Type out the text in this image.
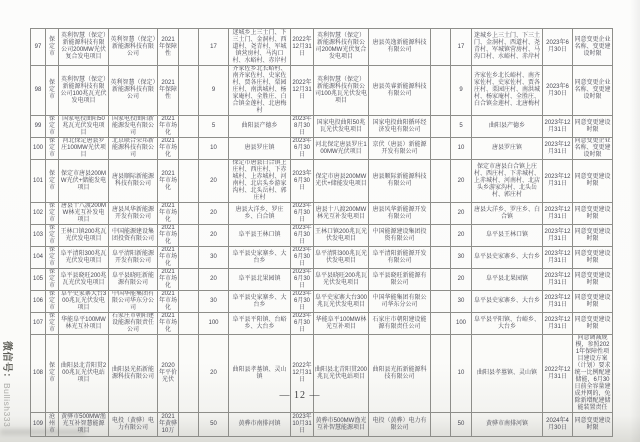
97	保定市	英利智慧（保定）新能源科技有限公司200MW光伏复合发电项目	英利智慧（保定）新能源科技有限公司	2021年保障性		17	迷城乡上三土门、下三土门、金洞村、西道村、尧青村、军城镇营房村、马沟口村、水峪村、赤岸村	2022年12月31日	英利智慧（保定）新能源科技有限公司200MW光伏复合发电项目	唐县英逸新能源科技有限公司		17	迷城乡上三土门、下三土门、金洞村、西道村、尧青村、军城镇营房村、马沟口村、水峪村、赤岸村	2023年6月30日	同意变更企业名称、变更建设时限
98	保定市	英利智慧（保定）新能源科技有限公司100兆瓦光伏发电项目	英利智慧（保定）新能源科技有限公司	2021年保障性		9	齐家佐乡北长峪村、南齐家佐村、史家佐村、贾各庄村、栗园庄村、南洪城村、杨家庵村、全胜庄、白合镇金莲村、北唐梅村	2022年12月31日	英利智慧（保定）新能源科技有限公司100兆瓦光伏发电项目	唐县英睿新能源科技有限公司		9	齐家佐乡北长峪村、南齐家佐村、史家佐村、贾各庄村、栗园庄村、南洪城村、杨家庵村、全胜庄、白合镇金莲村、北唐梅村	2023年6月30日	同意变更企业名称、变更建设时限
99	保定市	国家电投曲阳50兆瓦光伏发电项目	国家电投曲阳新能源发电有限公司	2021年市场化		5	曲阳县产德乡	2023年8月30日	国家电投曲阳50兆瓦光伏发电项目	国家电投曲阳循环经济发电有限公司		5	曲阳县产德乡	2023年12月31日	同意变更建设时限
100	保定市	河北保定唐县罗庄100MW光伏项目	北京联合荣邦新能源科技有限公司	2021年市场化		10	唐县罗庄镇	2023年6月30日	河北保定唐县罗庄100MW光伏项目	京伏（唐县）新能源开发有限公司		10	唐县罗庄镇	2023年12月31日	同意变更企业名称、变更建设时限
101	保定市	保定市唐县200MW光伏+储能发电项目	唐县顺际新能源科技有限公司	2021年市场化		20	保定市唐县白合镇上庄村、西庄村、下赤城村、上赤城村、河南村、北店头乡游家沟村、北头岳村、郭庄村	2023年6月30日	保定市唐县200MW光伏+储能发电项目	唐县顺际新能源科技有限公司		20	保定市唐县白合镇上庄村、西庄村、下赤城村、上赤城村、河南村、北店头乡游家沟村、北头岳村、郭庄村	2023年12月31日	同意变更建设时限
102	保定市	唐县十八渡200MW林光互补发电项目	唐县风华新能源开发有限公司	2021年市场化		20	唐县大洋乡、罗庄乡、白合镇	2023年6月30日	唐县十八渡200MW林光互补发电项目	唐县风华新能源开发有限公司		20	唐县大洋乡、罗庄乡、白合镇	2023年12月31日	同意变更建设时限
103	保定市	王林口镇200兆瓦光伏发电项目	中国能源建设集团投资有限公司	2021年市场化		20	阜平县王林口镇	2023年6月30日	王林口镇200兆瓦光伏发电项目	中国能源建设集团投资有限公司		20	阜平县王林口镇	2023年12月31日	同意变更建设时限
104	保定市	阜平清阳300兆瓦光伏发电项目	阜平清阳新能源开发有限公司	2021年市场化		30	阜平县史家寨乡、大台乡	2023年6月30日	阜平清阳300兆瓦光伏发电项目	阜平清阳新能源开发有限公司		30	阜平县史家寨乡、大台乡	2023年12月31日	同意变更建设时限
105	保定市	阜平县晓旺200兆瓦光伏发电项目	阜平县晓旺新能源有限公司	2021年市场化		20	阜平县北果园镇	2023年6月30日	阜平县晓旺200兆瓦光伏发电项目	阜平县晓旺新能源有限公司		20	阜平县北果园镇	2023年12月31日	同意变更建设时限
106	保定市	阜平史家寨大台300兆瓦光伏发电项目	中国华能集团有限公司华东分公司	2021年市场化		30	阜平县史家寨乡、大台乡	2023年6月30日	阜平史家寨大台300兆瓦光伏发电项目	中国华能集团有限公司华东分公司		30	阜平县史家寨乡、大台乡	2023年12月31日	同意变更建设时限
107	保定市	华能阜平100MW林光互补项目	石家庄市朝阳建设能源有限责任公司	2021年市场化		100	阜平县平阳镇、台峪乡、大台乡	2023年6月30日	华能阜平100MW林光互补项目	石家庄市朝阳建设能源有限责任公司		100	阜平县平阳镇、台峪乡、大台乡	2023年12月31日	同意变更建设时限
108	保定市	曲阳县北青阳贯200兆瓦光伏电站项目	曲阳县光拓新能源科技有限公司	2020年平价光伏		20	曲阳县孝墓镇、灵山镇	2022年12月31日	曲阳县北青阳贯200兆瓦光伏电站项目	曲阳县光拓新能源科技有限公司		10	曲阳县孝墓镇、灵山镇	2022年12月31日	同意调减规模，参照2021年保障性项目建设方案（计划）要求统一比例配建储能，6月30日前全容量建成并网的，免除新增配建储能装置责任
109	沧州市	黄骅市500MW渔光互补智慧能源项目	电投（黄骅）电力有限公司	2021年黄骅10万		50	黄骅市南排河镇	2023年10月31日	黄骅市500MW渔光互补智慧能源项目	电投（黄骅）电力有限公司		50	黄骅市南排河镇	2024年4月30日	同意变更建设时限
微信号：Bullish333	— 12 —
